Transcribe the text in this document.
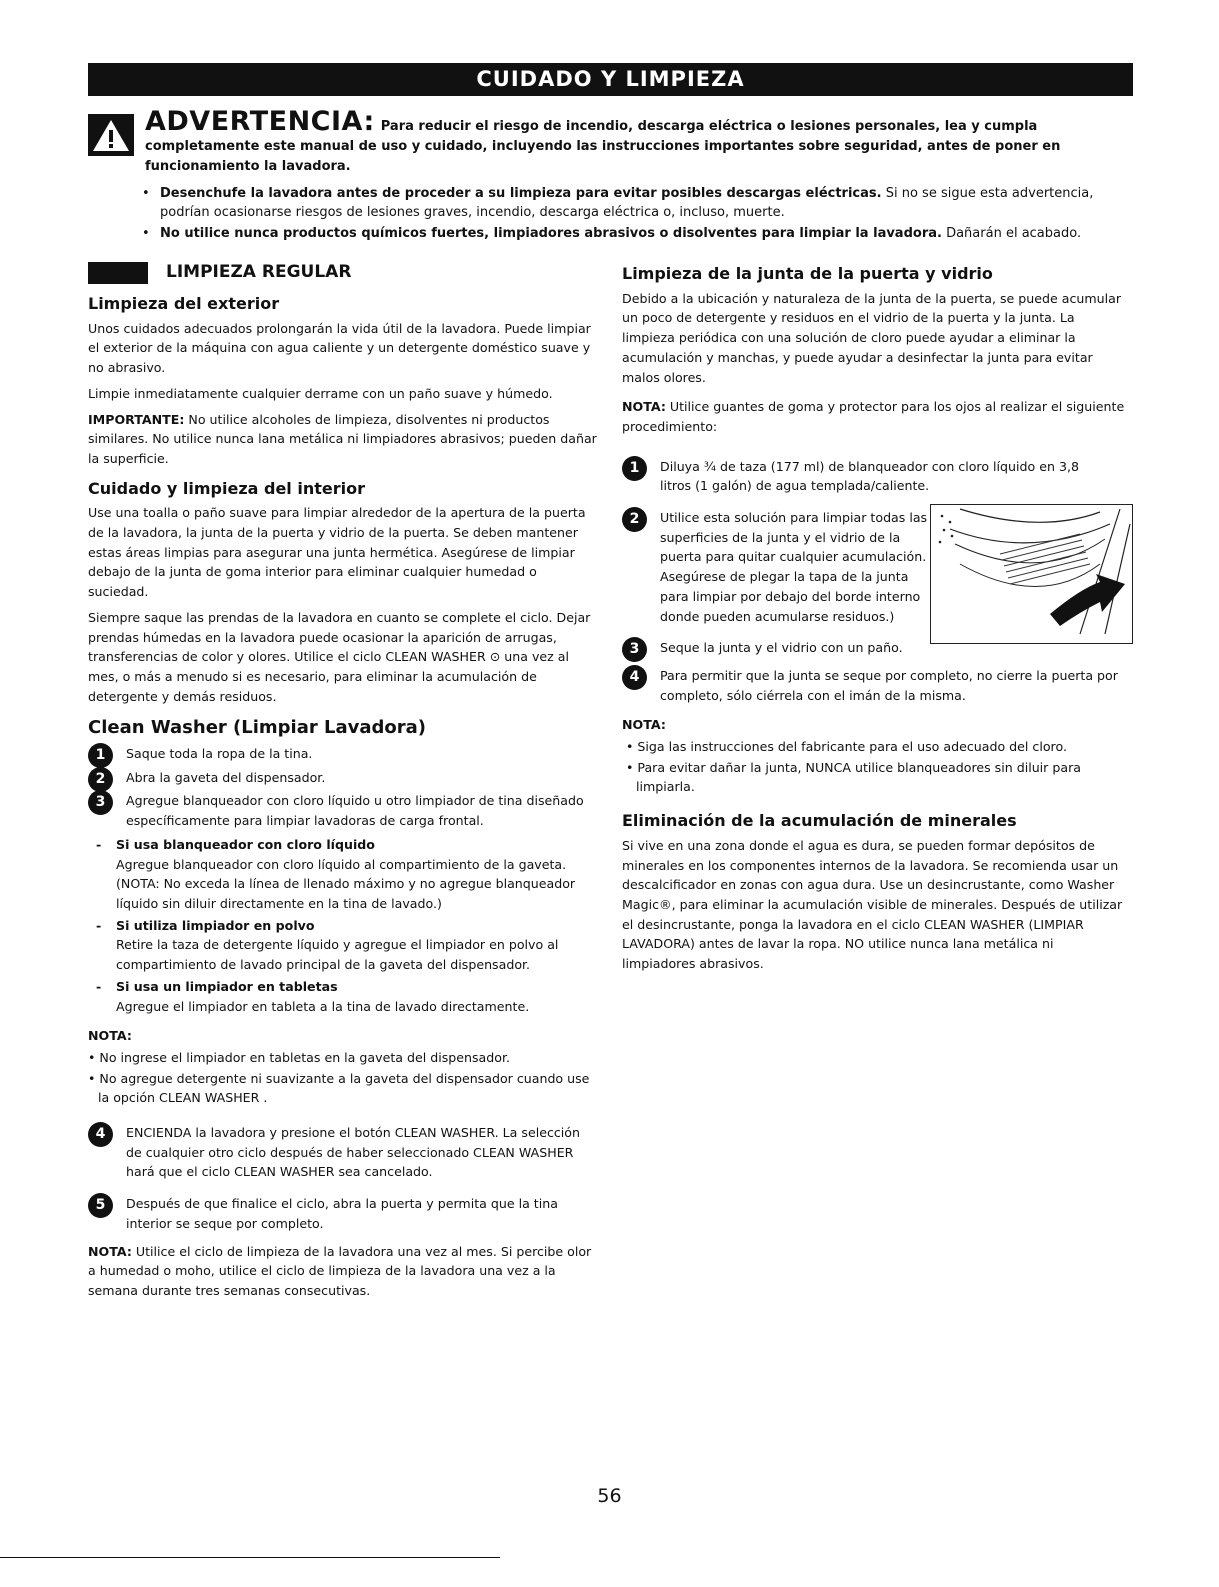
CUIDADO Y LIMPIEZA
ADVERTENCIA: Para reducir el riesgo de incendio, descarga eléctrica o lesiones personales, lea y cumpla completamente este manual de uso y cuidado, incluyendo las instrucciones importantes sobre seguridad, antes de poner en funcionamiento la lavadora.
• Desenchufe la lavadora antes de proceder a su limpieza para evitar posibles descargas eléctricas. Si no se sigue esta advertencia, podrían ocasionarse riesgos de lesiones graves, incendio, descarga eléctrica o, incluso, muerte.
• No utilice nunca productos químicos fuertes, limpiadores abrasivos o disolventes para limpiar la lavadora. Dañarán el acabado.
LIMPIEZA REGULAR
Limpieza del exterior

Unos cuidados adecuados prolongarán la vida útil de la lavadora. Puede limpiar el exterior de la máquina con agua caliente y un detergente doméstico suave y no abrasivo.

Limpie inmediatamente cualquier derrame con un paño suave y húmedo.

IMPORTANTE: No utilice alcoholes de limpieza, disolventes ni productos similares. No utilice nunca lana metálica ni limpiadores abrasivos; pueden dañar la superficie.

Cuidado y limpieza del interior

Use una toalla o paño suave para limpiar alrededor de la apertura de la puerta de la lavadora, la junta de la puerta y vidrio de la puerta. Se deben mantener estas áreas limpias para asegurar una junta hermética. Asegúrese de limpiar debajo de la junta de goma interior para eliminar cualquier humedad o suciedad.

Siempre saque las prendas de la lavadora en cuanto se complete el ciclo. Dejar prendas húmedas en la lavadora puede ocasionar la aparición de arrugas, transferencias de color y olores. Utilice el ciclo CLEAN WASHER ⊙ una vez al mes, o más a menudo si es necesario, para eliminar la acumulación de detergente y demás residuos.

Clean Washer (Limpiar Lavadora)
1	Saque toda la ropa de la tina.
2	Abra la gaveta del dispensador.
3	Agregue blanqueador con cloro líquido u otro limpiador de tina diseñado específicamente para limpiar lavadoras de carga frontal.
- Si usa blanqueador con cloro líquido

Agregue blanqueador con cloro líquido al compartimiento de la gaveta. (NOTA: No exceda la línea de llenado máximo y no agregue blanqueador líquido sin diluir directamente en la tina de lavado.)

- Si utiliza limpiador en polvo

Retire la taza de detergente líquido y agregue el limpiador en polvo al compartimiento de lavado principal de la gaveta del dispensador.

- Si usa un limpiador en tabletas

Agregue el limpiador en tableta a la tina de lavado directamente.

NOTA:

• No ingrese el limpiador en tabletas en la gaveta del dispensador.

• No agregue detergente ni suavizante a la gaveta del dispensador cuando use la opción CLEAN WASHER .

4	ENCIENDA la lavadora y presione el botón CLEAN WASHER. La selección de cualquier otro ciclo después de haber seleccionado CLEAN WASHER hará que el ciclo CLEAN WASHER sea cancelado.
5	Después de que finalice el ciclo, abra la puerta y permita que la tina interior se seque por completo.

NOTA: Utilice el ciclo de limpieza de la lavadora una vez al mes. Si percibe olor a humedad o moho, utilice el ciclo de limpieza de la lavadora una vez a la semana durante tres semanas consecutivas.

Limpieza de la junta de la puerta y vidrio

Debido a la ubicación y naturaleza de la junta de la puerta, se puede acumular un poco de detergente y residuos en el vidrio de la puerta y la junta. La limpieza periódica con una solución de cloro puede ayudar a eliminar la acumulación y manchas, y puede ayudar a desinfectar la junta para evitar malos olores.

NOTA: Utilice guantes de goma y protector para los ojos al realizar el siguiente procedimiento:

1	Diluya ¾ de taza (177 ml) de blanqueador con cloro líquido en 3,8 litros (1 galón) de agua templada/caliente.
2	Utilice esta solución para limpiar todas las superficies de la junta y el vidrio de la puerta para quitar cualquier acumulación. Asegúrese de plegar la tapa de la junta para limpiar por debajo del borde interno donde pueden acumularse residuos.)
3	Seque la junta y el vidrio con un paño.
4	Para permitir que la junta se seque por completo, no cierre la puerta por completo, sólo ciérrela con el imán de la misma.
NOTA:

• Siga las instrucciones del fabricante para el uso adecuado del cloro.

• Para evitar dañar la junta, NUNCA utilice blanqueadores sin diluir para limpiarla.

Eliminación de la acumulación de minerales

Si vive en una zona donde el agua es dura, se pueden formar depósitos de minerales en los componentes internos de la lavadora. Se recomienda usar un descalcificador en zonas con agua dura. Use un desincrustante, como Washer Magic®, para eliminar la acumulación visible de minerales. Después de utilizar el desincrustante, ponga la lavadora en el ciclo CLEAN WASHER (LIMPIAR LAVADORA) antes de lavar la ropa. NO utilice nunca lana metálica ni limpiadores abrasivos.

56
